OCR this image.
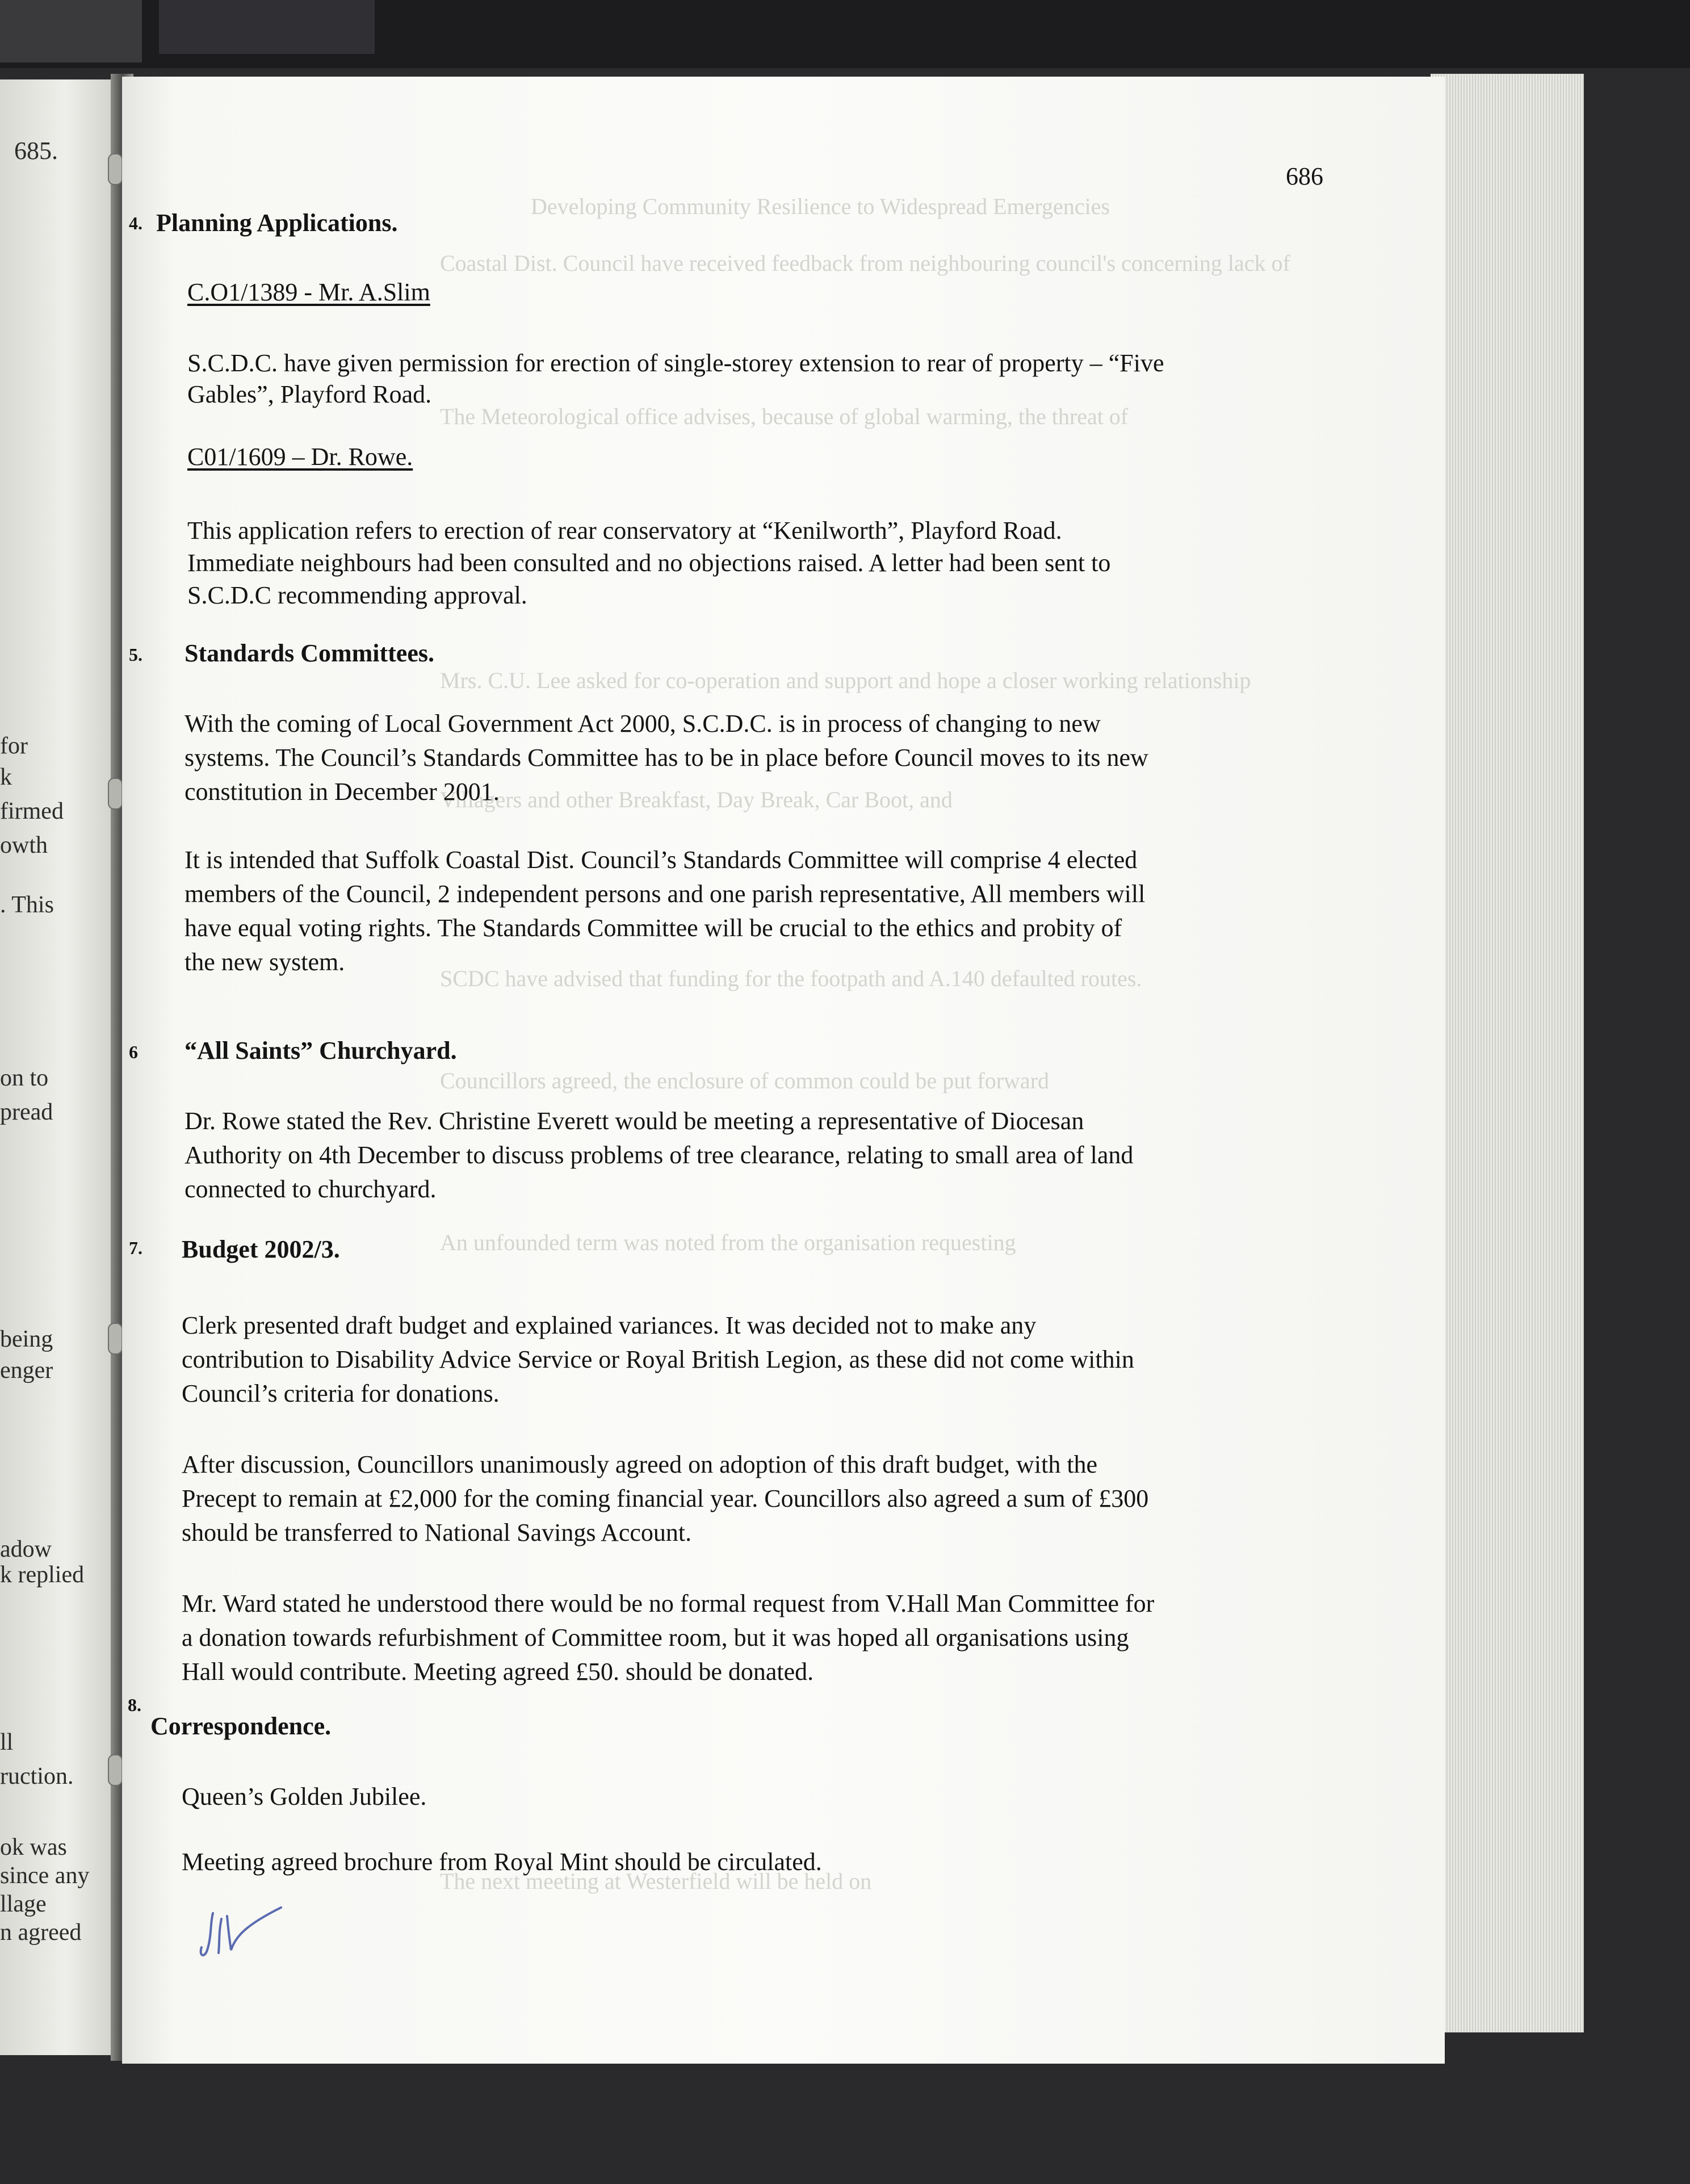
685.
for
k
firmed
owth
. This
on to
pread
being
enger
adow
k replied
ll
ruction.
ok was
since any
llage
n agreed
Developing Community Resilience to Widespread Emergencies
Coastal Dist. Council have received feedback from neighbouring council's concerning lack of
The Meteorological office advises, because of global warming, the threat of
Mrs. C.U. Lee asked for co-operation and support and hope a closer working relationship
Villagers and other Breakfast, Day Break, Car Boot, and
SCDC have advised that funding for the footpath and A.140 defaulted routes.
Councillors agreed, the enclosure of common could be put forward
An unfounded term was noted from the organisation requesting
The next meeting at Westerfield will be held on
686
4. Planning Applications.
C.O1/1389 - Mr. A.Slim
S.C.D.C. have given permission for erection of single-storey extension to rear of property – “Five
Gables”, Playford Road.
C01/1609 – Dr. Rowe.
This application refers to erection of rear conservatory at “Kenilworth”, Playford Road.
Immediate neighbours had been consulted and no objections raised. A letter had been sent to
S.C.D.C recommending approval.
5. Standards Committees.
With the coming of Local Government Act 2000, S.C.D.C. is in process of changing to new
systems. The Council’s Standards Committee has to be in place before Council moves to its new
constitution in December 2001.
It is intended that Suffolk Coastal Dist. Council’s Standards Committee will comprise 4 elected
members of the Council, 2 independent persons and one parish representative, All members will
have equal voting rights. The Standards Committee will be crucial to the ethics and probity of
the new system.
6 “All Saints” Churchyard.
Dr. Rowe stated the Rev. Christine Everett would be meeting a representative of Diocesan
Authority on 4th December to discuss problems of tree clearance, relating to small area of land
connected to churchyard.
7. Budget 2002/3.
Clerk presented draft budget and explained variances. It was decided not to make any
contribution to Disability Advice Service or Royal British Legion, as these did not come within
Council’s criteria for donations.
After discussion, Councillors unanimously agreed on adoption of this draft budget, with the
Precept to remain at £2,000 for the coming financial year. Councillors also agreed a sum of £300
should be transferred to National Savings Account.
Mr. Ward stated he understood there would be no formal request from V.Hall Man Committee for
a donation towards refurbishment of Committee room, but it was hoped all organisations using
Hall would contribute. Meeting agreed £50. should be donated.
8.
Correspondence.
Queen’s Golden Jubilee.
Meeting agreed brochure from Royal Mint should be circulated.
